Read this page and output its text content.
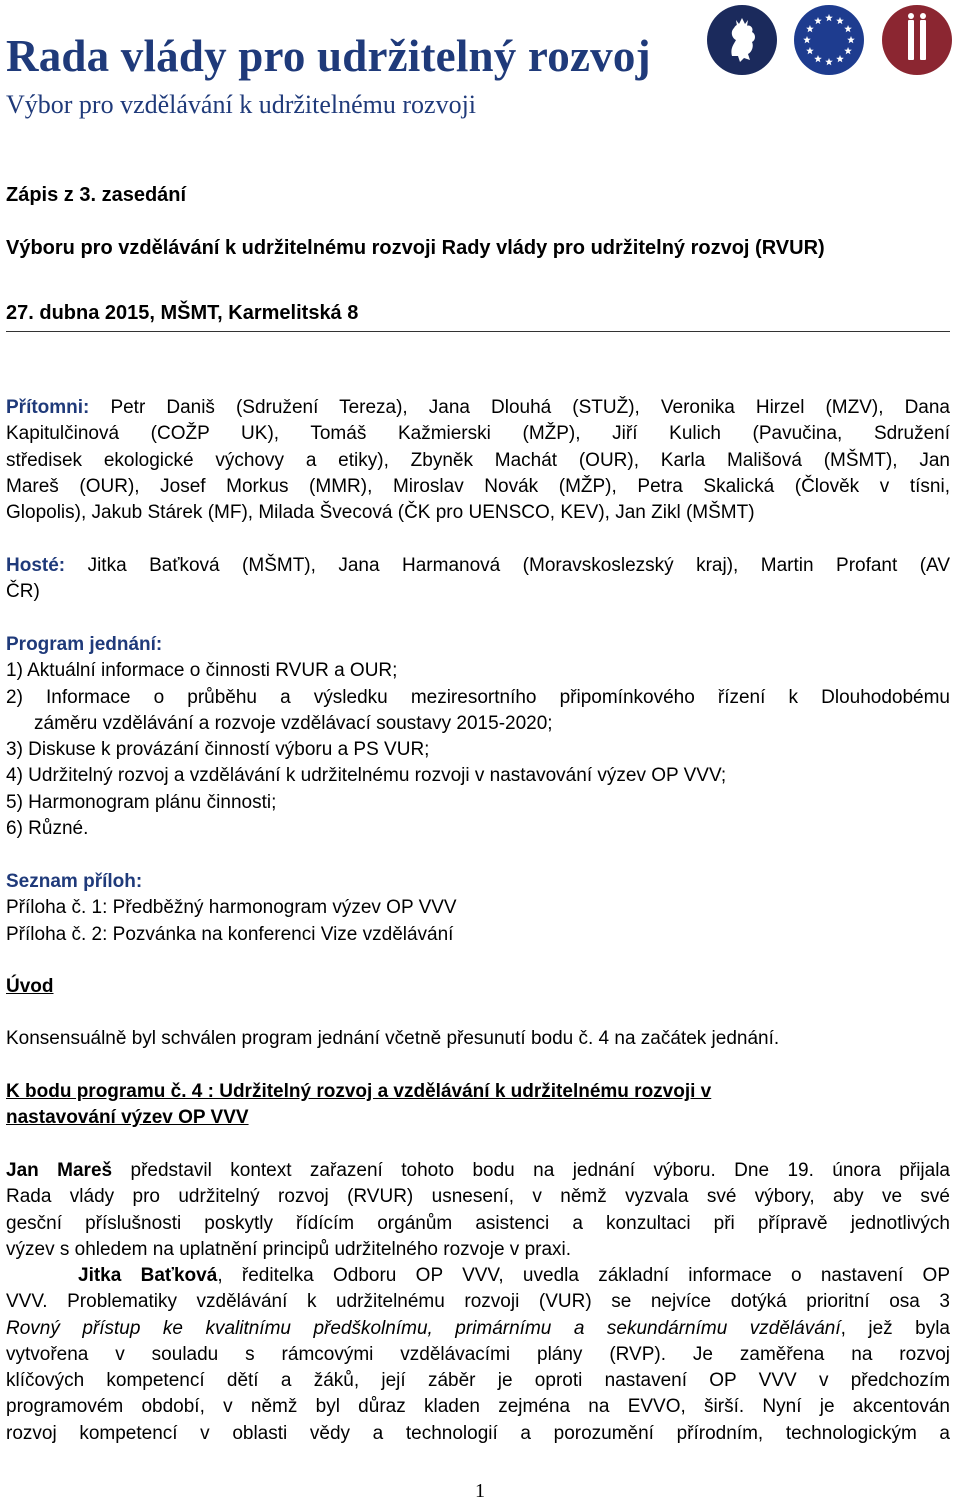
Rada vlády pro udržitelný rozvoj
Výbor pro vzdělávání k udržitelnému rozvoji
Zápis z 3. zasedání
Výboru pro vzdělávání k udržitelnému rozvoji Rady vlády pro udržitelný rozvoj (RVUR)
27. dubna 2015, MŠMT, Karmelitská 8
Přítomni: Petr Daniš (Sdružení Tereza), Jana Dlouhá (STUŽ), Veronika Hirzel (MZV), Dana
Kapitulčinová (COŽP UK), Tomáš Kažmierski (MŽP), Jiří Kulich (Pavučina, Sdružení
středisek ekologické výchovy a etiky), Zbyněk Machát (OUR), Karla Mališová (MŠMT), Jan
Mareš (OUR), Josef Morkus (MMR), Miroslav Novák (MŽP), Petra Skalická (Člověk v tísni,
Glopolis), Jakub Stárek (MF), Milada Švecová (ČK pro UENSCO, KEV), Jan Zikl (MŠMT)
Hosté: Jitka Baťková (MŠMT), Jana Harmanová (Moravskoslezský kraj), Martin Profant (AV
ČR)
Program jednání:
1) Aktuální informace o činnosti RVUR a OUR;
2) Informace o průběhu a výsledku meziresortního připomínkového řízení k Dlouhodobému
záměru vzdělávání a rozvoje vzdělávací soustavy 2015-2020;
3) Diskuse k provázání činností výboru a PS VUR;
4) Udržitelný rozvoj a vzdělávání k udržitelnému rozvoji v nastavování výzev OP VVV;
5) Harmonogram plánu činnosti;
6) Různé.
Seznam příloh:
Příloha č. 1: Předběžný harmonogram výzev OP VVV
Příloha č. 2: Pozvánka na konferenci Vize vzdělávání
Úvod
Konsensuálně byl schválen program jednání včetně přesunutí bodu č. 4 na začátek jednání.
K bodu programu č. 4 : Udržitelný rozvoj a vzdělávání k udržitelnému rozvoji v
nastavování výzev OP VVV
Jan Mareš představil kontext zařazení tohoto bodu na jednání výboru. Dne 19. února přijala
Rada vlády pro udržitelný rozvoj (RVUR) usnesení, v němž vyzvala své výbory, aby ve své
gesční příslušnosti poskytly řídícím orgánům asistenci a konzultaci při přípravě jednotlivých
výzev s ohledem na uplatnění principů udržitelného rozvoje v praxi.
Jitka Baťková, ředitelka Odboru OP VVV, uvedla základní informace o nastavení OP
VVV. Problematiky vzdělávání k udržitelnému rozvoji (VUR) se nejvíce dotýká prioritní osa 3
Rovný přístup ke kvalitnímu předškolnímu, primárnímu a sekundárnímu vzdělávání, jež byla
vytvořena v souladu s rámcovými vzdělávacími plány (RVP). Je zaměřena na rozvoj
klíčových kompetencí dětí a žáků, její záběr je oproti nastavení OP VVV v předchozím
programovém období, v němž byl důraz kladen zejména na EVVO, širší. Nyní je akcentován
rozvoj kompetencí v oblasti vědy a technologií a porozumění přírodním, technologickým a
1
